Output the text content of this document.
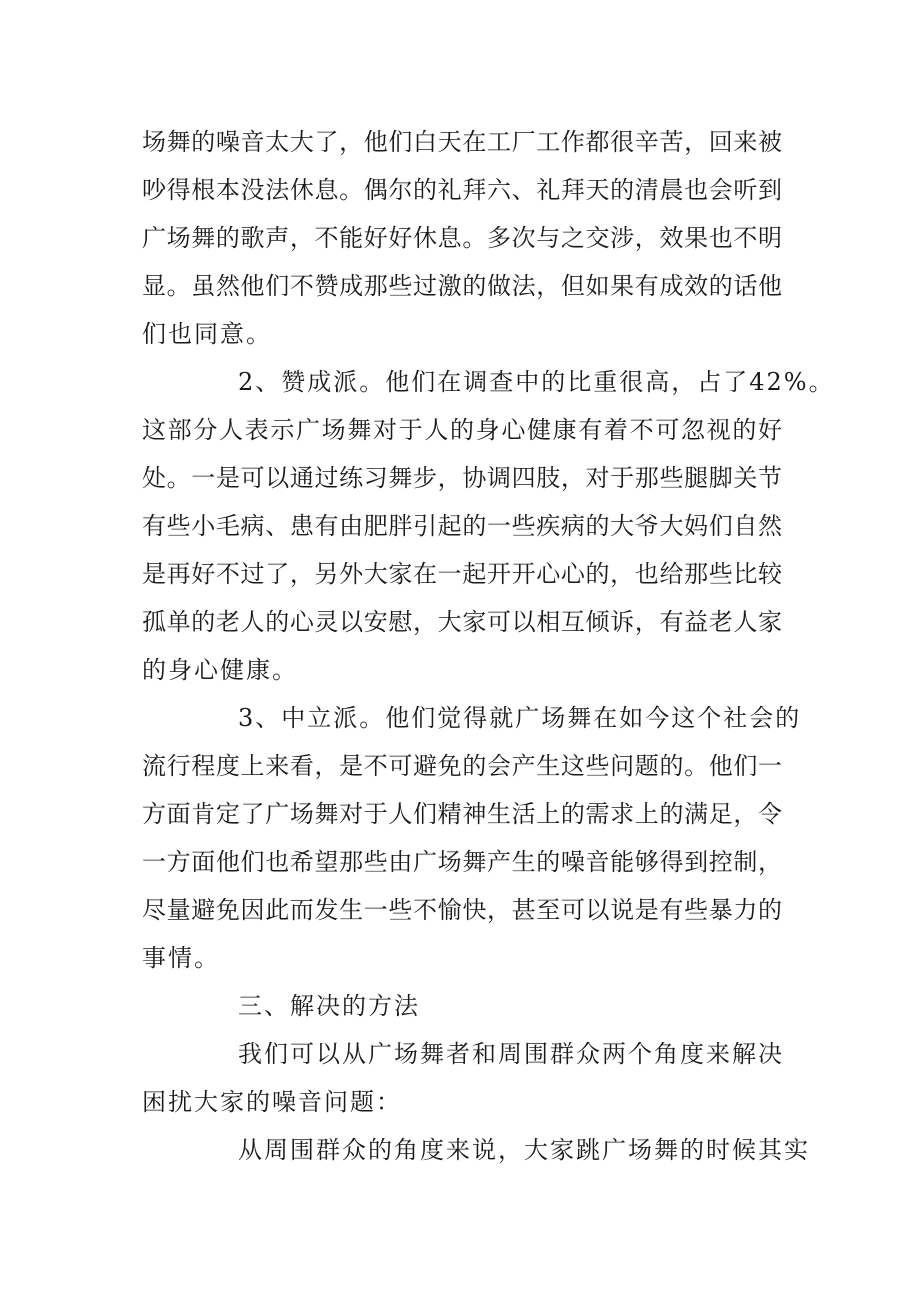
场舞的噪音太大了，他们白天在工厂工作都很辛苦，回来被
吵得根本没法休息。偶尔的礼拜六、礼拜天的清晨也会听到
广场舞的歌声，不能好好休息。多次与之交涉，效果也不明
显。虽然他们不赞成那些过激的做法，但如果有成效的话他
们也同意。
2、赞成派。他们在调查中的比重很高，占了42%。
这部分人表示广场舞对于人的身心健康有着不可忽视的好
处。一是可以通过练习舞步，协调四肢，对于那些腿脚关节
有些小毛病、患有由肥胖引起的一些疾病的大爷大妈们自然
是再好不过了，另外大家在一起开开心心的，也给那些比较
孤单的老人的心灵以安慰，大家可以相互倾诉，有益老人家
的身心健康。
3、中立派。他们觉得就广场舞在如今这个社会的
流行程度上来看，是不可避免的会产生这些问题的。他们一
方面肯定了广场舞对于人们精神生活上的需求上的满足，令
一方面他们也希望那些由广场舞产生的噪音能够得到控制，
尽量避免因此而发生一些不愉快，甚至可以说是有些暴力的
事情。
三、解决的方法
我们可以从广场舞者和周围群众两个角度来解决
困扰大家的噪音问题：
从周围群众的角度来说，大家跳广场舞的时候其实
